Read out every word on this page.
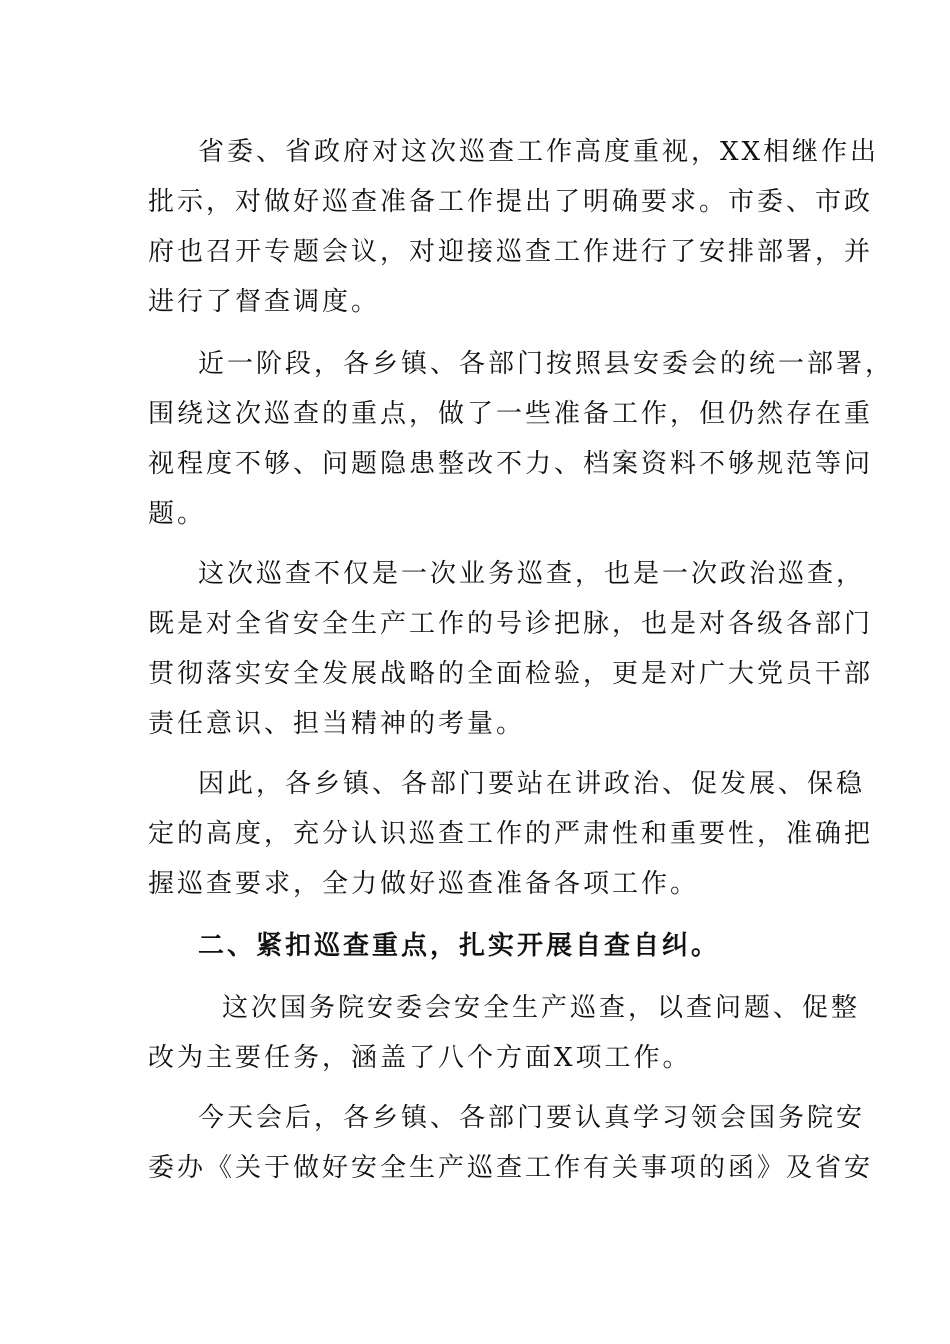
省委、省政府对这次巡查工作高度重视，XX相继作出
批示，对做好巡查准备工作提出了明确要求。市委、市政
府也召开专题会议，对迎接巡查工作进行了安排部署，并
进行了督查调度。
近一阶段，各乡镇、各部门按照县安委会的统一部署，
围绕这次巡查的重点，做了一些准备工作，但仍然存在重
视程度不够、问题隐患整改不力、档案资料不够规范等问
题。
这次巡查不仅是一次业务巡查，也是一次政治巡查，
既是对全省安全生产工作的号诊把脉，也是对各级各部门
贯彻落实安全发展战略的全面检验，更是对广大党员干部
责任意识、担当精神的考量。
因此，各乡镇、各部门要站在讲政治、促发展、保稳
定的高度，充分认识巡查工作的严肃性和重要性，准确把
握巡查要求，全力做好巡查准备各项工作。
二、紧扣巡查重点，扎实开展自查自纠。
这次国务院安委会安全生产巡查，以查问题、促整
改为主要任务，涵盖了八个方面X项工作。
今天会后，各乡镇、各部门要认真学习领会国务院安
委办《关于做好安全生产巡查工作有关事项的函》及省安
